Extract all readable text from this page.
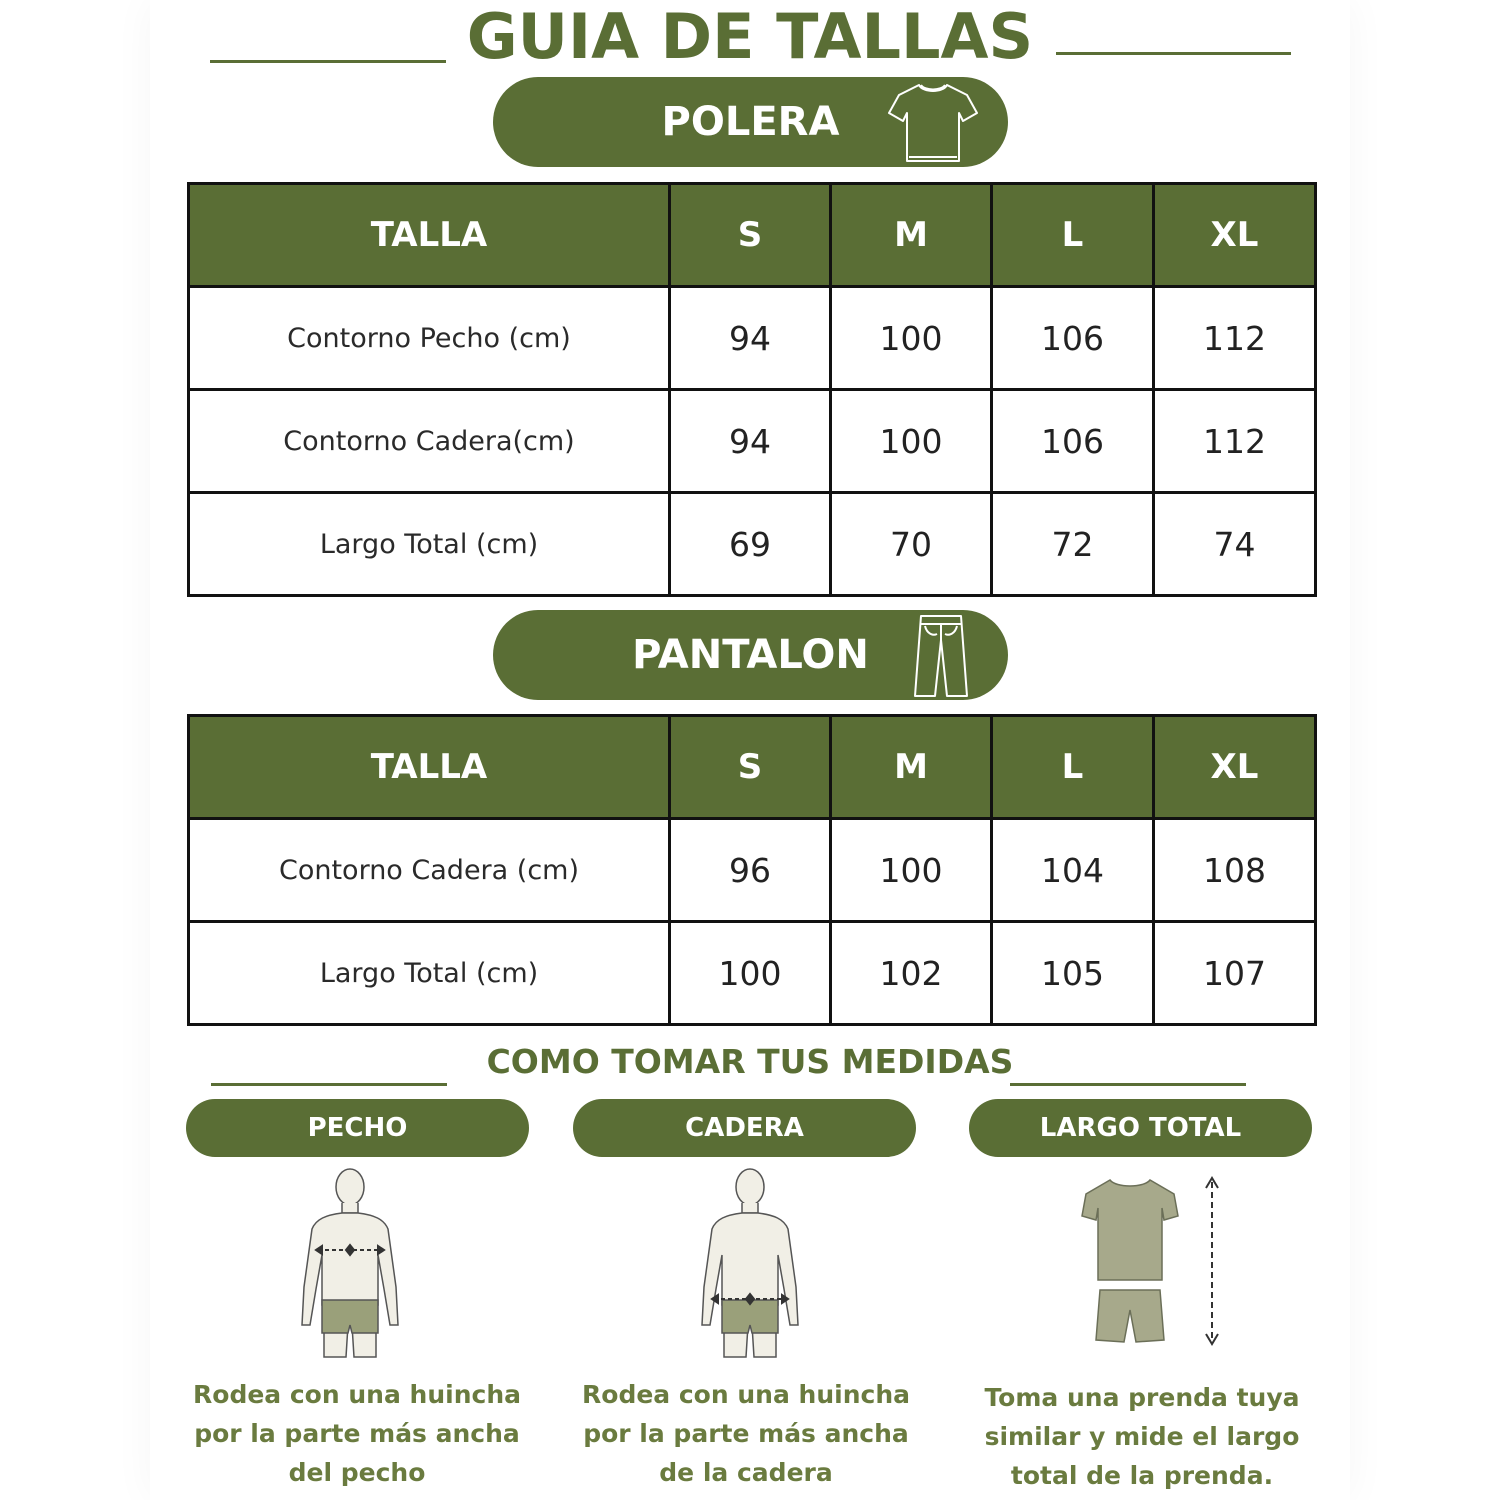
GUIA DE TALLAS
POLERA
TALLA	S	M	L	XL
Contorno Pecho (cm)	94	100	106	112
Contorno Cadera(cm)	94	100	106	112
Largo Total (cm)	69	70	72	74
PANTALON
TALLA	S	M	L	XL
Contorno Cadera (cm)	96	100	104	108
Largo Total (cm)	100	102	105	107
COMO TOMAR TUS MEDIDAS
PECHO	CADERA	LARGO TOTAL
Rodea con una huincha
por la parte más ancha
del pecho
Rodea con una huincha
por la parte más ancha
de la cadera
Toma una prenda tuya
similar y mide el largo
total de la prenda.
